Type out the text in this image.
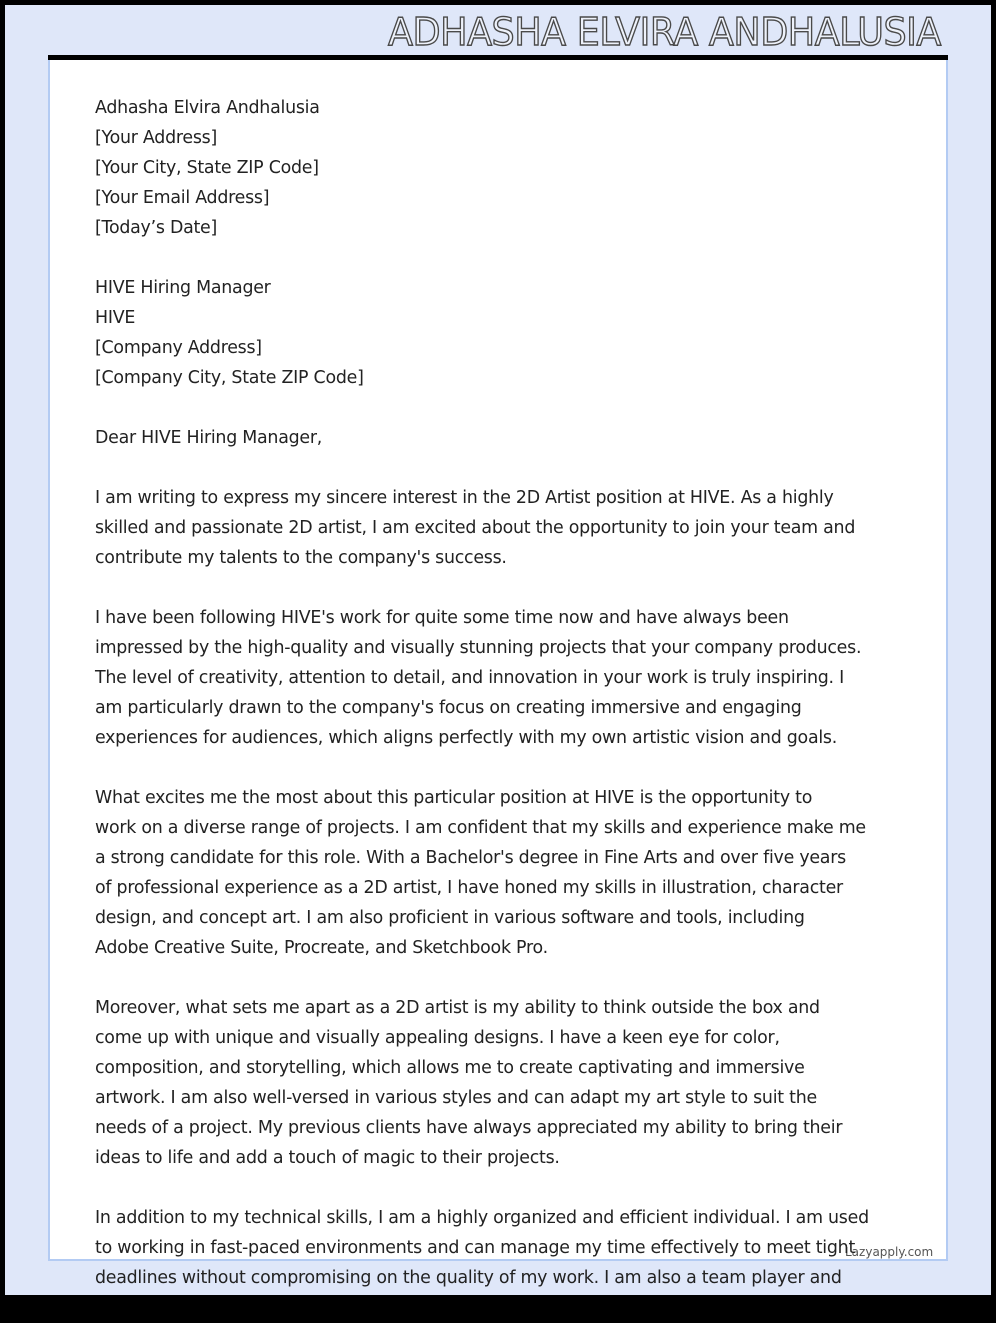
ADHASHA ELVIRA ANDHALUSIA
Lazyapply.com
Adhasha Elvira Andhalusia
[Your Address]
[Your City, State ZIP Code]
[Your Email Address]
[Today’s Date]
HIVE Hiring Manager
HIVE
[Company Address]
[Company City, State ZIP Code]
Dear HIVE Hiring Manager,
I am writing to express my sincere interest in the 2D Artist position at HIVE. As a highly
skilled and passionate 2D artist, I am excited about the opportunity to join your team and
contribute my talents to the company's success.
I have been following HIVE's work for quite some time now and have always been
impressed by the high-quality and visually stunning projects that your company produces.
The level of creativity, attention to detail, and innovation in your work is truly inspiring. I
am particularly drawn to the company's focus on creating immersive and engaging
experiences for audiences, which aligns perfectly with my own artistic vision and goals.
What excites me the most about this particular position at HIVE is the opportunity to
work on a diverse range of projects. I am confident that my skills and experience make me
a strong candidate for this role. With a Bachelor's degree in Fine Arts and over five years
of professional experience as a 2D artist, I have honed my skills in illustration, character
design, and concept art. I am also proficient in various software and tools, including
Adobe Creative Suite, Procreate, and Sketchbook Pro.
Moreover, what sets me apart as a 2D artist is my ability to think outside the box and
come up with unique and visually appealing designs. I have a keen eye for color,
composition, and storytelling, which allows me to create captivating and immersive
artwork. I am also well-versed in various styles and can adapt my art style to suit the
needs of a project. My previous clients have always appreciated my ability to bring their
ideas to life and add a touch of magic to their projects.
In addition to my technical skills, I am a highly organized and efficient individual. I am used
to working in fast-paced environments and can manage my time effectively to meet tight
deadlines without compromising on the quality of my work. I am also a team player and
